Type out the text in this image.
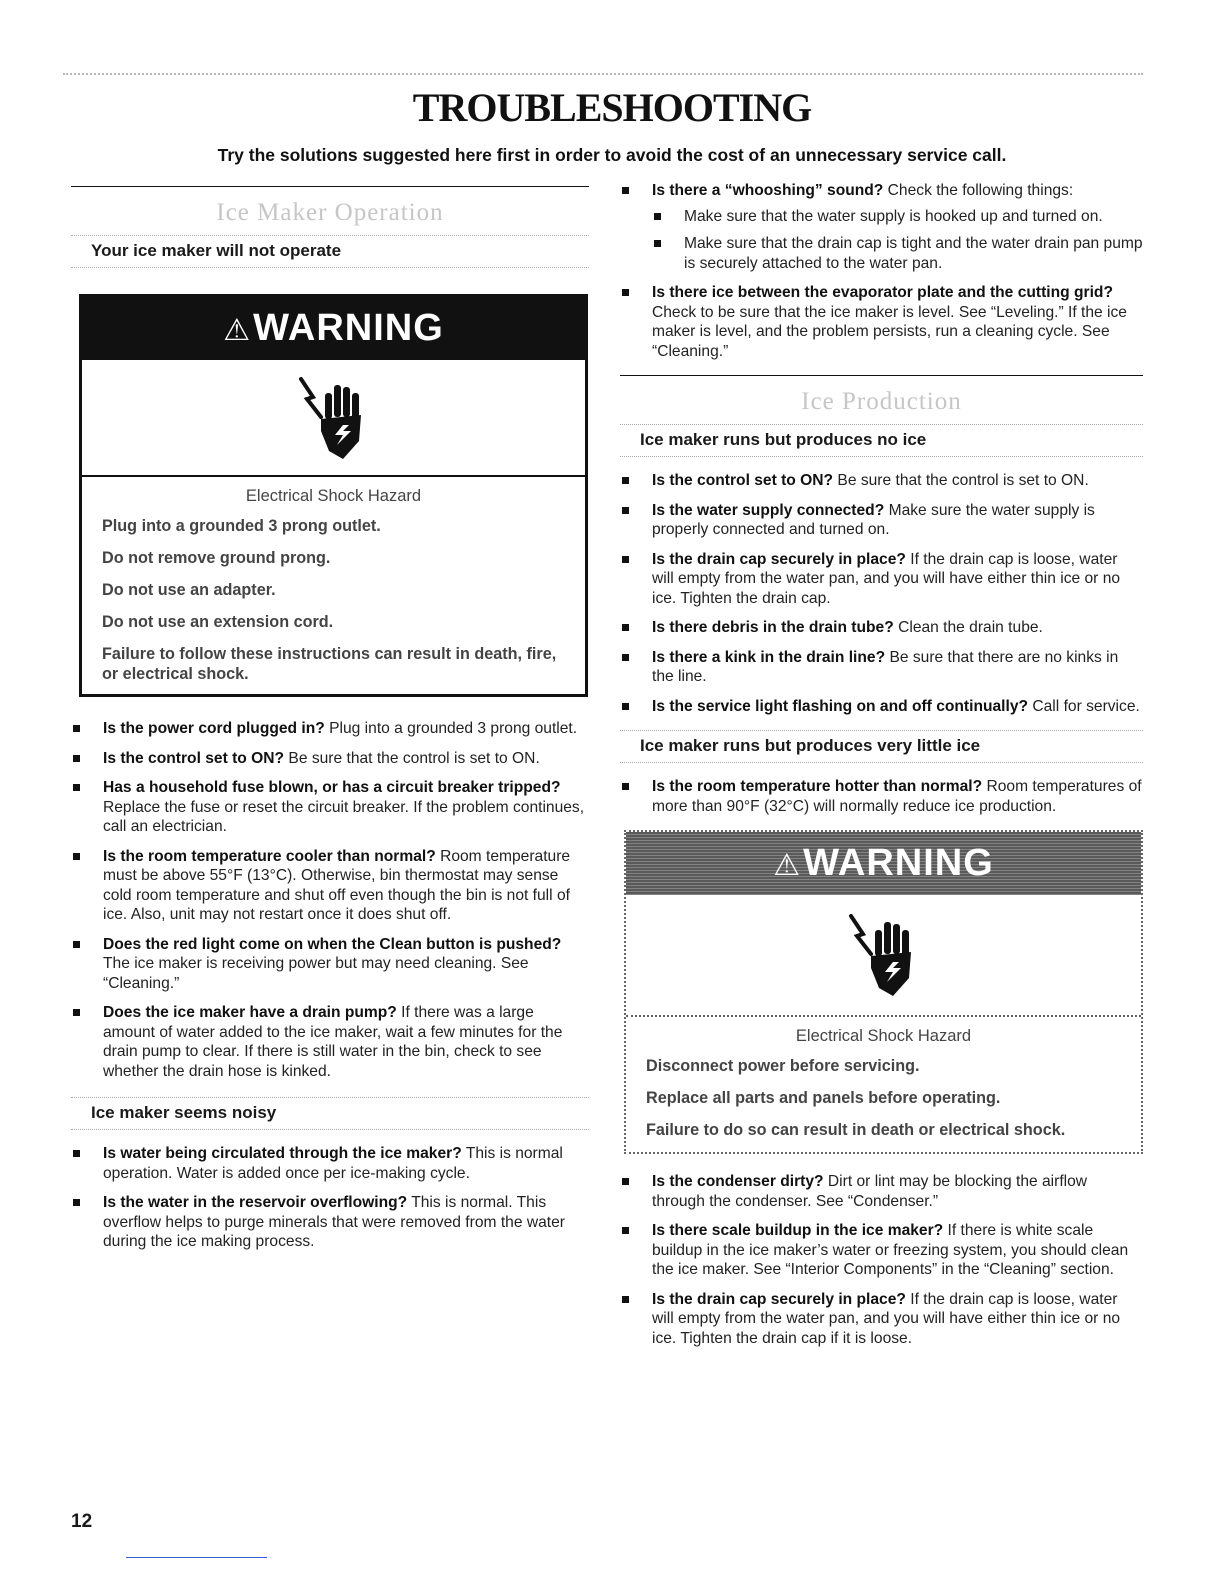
TROUBLESHOOTING
Try the solutions suggested here first in order to avoid the cost of an unnecessary service call.
Ice Maker Operation
Your ice maker will not operate
⚠WARNING
Electrical Shock Hazard
Plug into a grounded 3 prong outlet.
Do not remove ground prong.
Do not use an adapter.
Do not use an extension cord.
Failure to follow these instructions can result in death, fire, or electrical shock.
Is the power cord plugged in? Plug into a grounded 3 prong outlet.
Is the control set to ON? Be sure that the control is set to ON.
Has a household fuse blown, or has a circuit breaker tripped? Replace the fuse or reset the circuit breaker. If the problem continues, call an electrician.
Is the room temperature cooler than normal? Room temperature must be above 55°F (13°C). Otherwise, bin thermostat may sense cold room temperature and shut off even though the bin is not full of ice. Also, unit may not restart once it does shut off.
Does the red light come on when the Clean button is pushed? The ice maker is receiving power but may need cleaning. See “Cleaning.”
Does the ice maker have a drain pump? If there was a large amount of water added to the ice maker, wait a few minutes for the drain pump to clear. If there is still water in the bin, check to see whether the drain hose is kinked.
Ice maker seems noisy
Is water being circulated through the ice maker? This is normal operation. Water is added once per ice-making cycle.
Is the water in the reservoir overflowing? This is normal. This overflow helps to purge minerals that were removed from the water during the ice making process.
Is there a “whooshing” sound? Check the following things:
Make sure that the water supply is hooked up and turned on.
Make sure that the drain cap is tight and the water drain pan pump is securely attached to the water pan.
Is there ice between the evaporator plate and the cutting grid? Check to be sure that the ice maker is level. See “Leveling.” If the ice maker is level, and the problem persists, run a cleaning cycle. See “Cleaning.”
Ice Production
Ice maker runs but produces no ice
Is the control set to ON? Be sure that the control is set to ON.
Is the water supply connected? Make sure the water supply is properly connected and turned on.
Is the drain cap securely in place? If the drain cap is loose, water will empty from the water pan, and you will have either thin ice or no ice. Tighten the drain cap.
Is there debris in the drain tube? Clean the drain tube.
Is there a kink in the drain line? Be sure that there are no kinks in the line.
Is the service light flashing on and off continually? Call for service.
Ice maker runs but produces very little ice
Is the room temperature hotter than normal? Room temperatures of more than 90°F (32°C) will normally reduce ice production.
⚠WARNING
Electrical Shock Hazard
Disconnect power before servicing.
Replace all parts and panels before operating.
Failure to do so can result in death or electrical shock.
Is the condenser dirty? Dirt or lint may be blocking the airflow through the condenser. See “Condenser.”
Is there scale buildup in the ice maker? If there is white scale buildup in the ice maker’s water or freezing system, you should clean the ice maker. See “Interior Components” in the “Cleaning” section.
Is the drain cap securely in place? If the drain cap is loose, water will empty from the water pan, and you will have either thin ice or no ice. Tighten the drain cap if it is loose.
12
